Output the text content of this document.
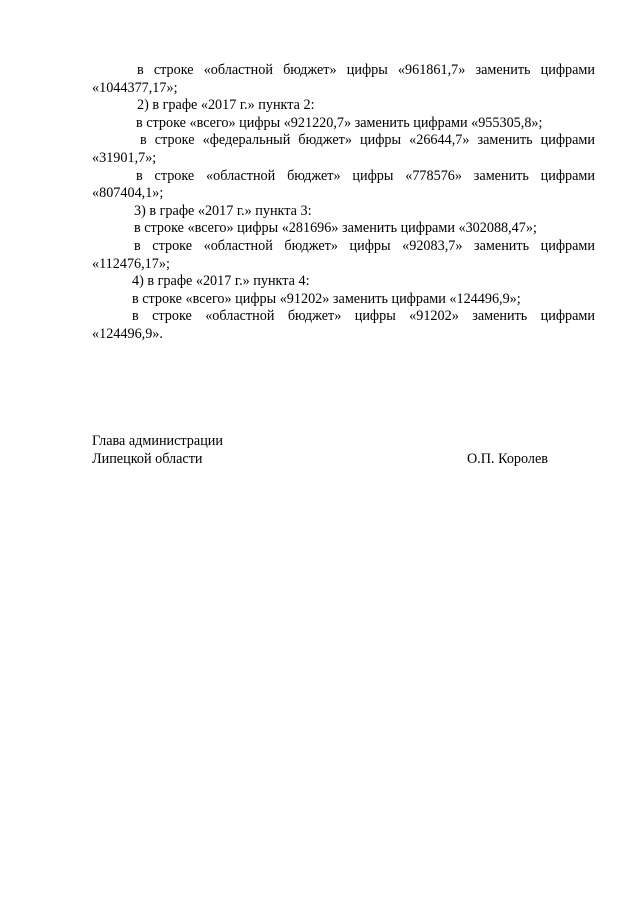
в строке «областной бюджет» цифры «961861,7» заменить цифрами «1044377,17»;

2) в графе «2017 г.» пункта 2:

в строке «всего» цифры «921220,7» заменить цифрами «955305,8»;

в строке «федеральный бюджет» цифры «26644,7» заменить цифрами «31901,7»;

в строке «областной бюджет» цифры «778576» заменить цифрами «807404,1»;

3) в графе «2017 г.» пункта 3:

в строке «всего» цифры «281696» заменить цифрами «302088,47»;

в строке «областной бюджет» цифры «92083,7» заменить цифрами «112476,17»;

4) в графе «2017 г.» пункта 4:

в строке «всего» цифры «91202» заменить цифрами «124496,9»;

в строке «областной бюджет» цифры «91202» заменить цифрами «124496,9».

Глава администрации
Липецкой области	О.П. Королев
